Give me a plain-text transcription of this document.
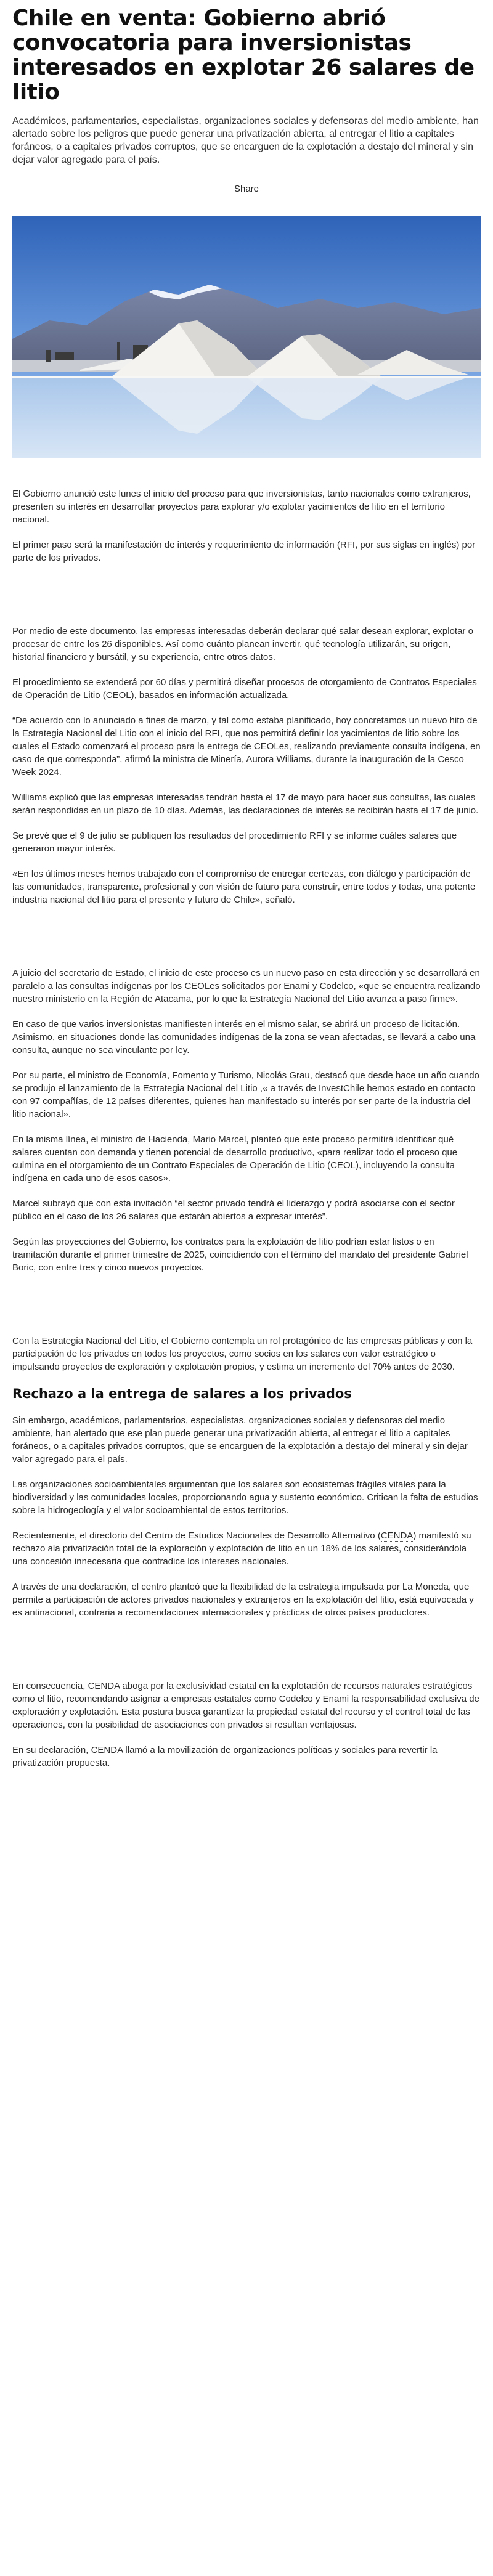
Chile en venta: Gobierno abrió convocatoria para inversionistas interesados en explotar 26 salares de litio

Académicos, parlamentarios, especialistas, organizaciones sociales y defensoras del medio ambiente, han alertado sobre los peligros que puede generar una privatización abierta, al entregar el litio a capitales foráneos, o a capitales privados corruptos, que se encarguen de la explotación a destajo del mineral y sin dejar valor agregado para el país.

Share

El Gobierno anunció este lunes el inicio del proceso para que inversionistas, tanto nacionales como extranjeros, presenten su interés en desarrollar proyectos para explorar y/o explotar yacimientos de litio en el territorio nacional.

El primer paso será la manifestación de interés y requerimiento de información (RFI, por sus siglas en inglés) por parte de los privados.

Por medio de este documento, las empresas interesadas deberán declarar qué salar desean explorar, explotar o procesar de entre los 26 disponibles. Así como cuánto planean invertir, qué tecnología utilizarán, su origen, historial financiero y bursátil, y su experiencia, entre otros datos.

El procedimiento se extenderá por 60 días y permitirá diseñar procesos de otorgamiento de Contratos Especiales de Operación de Litio (CEOL), basados en información actualizada.

“De acuerdo con lo anunciado a fines de marzo, y tal como estaba planificado, hoy concretamos un nuevo hito de la Estrategia Nacional del Litio con el inicio del RFI, que nos permitirá definir los yacimientos de litio sobre los cuales el Estado comenzará el proceso para la entrega de CEOLes, realizando previamente consulta indígena, en caso de que corresponda”, afirmó la ministra de Minería, Aurora Williams, durante la inauguración de la Cesco Week 2024.

Williams explicó que las empresas interesadas tendrán hasta el 17 de mayo para hacer sus consultas, las cuales serán respondidas en un plazo de 10 días. Además, las declaraciones de interés se recibirán hasta el 17 de junio.

Se prevé que el 9 de julio se publiquen los resultados del procedimiento RFI y se informe cuáles salares que generaron mayor interés.

«En los últimos meses hemos trabajado con el compromiso de entregar certezas, con diálogo y participación de las comunidades, transparente, profesional y con visión de futuro para construir, entre todos y todas, una potente industria nacional del litio para el presente y futuro de Chile», señaló.

A juicio del secretario de Estado, el inicio de este proceso es un nuevo paso en esta dirección y se desarrollará en paralelo a las consultas indígenas por los CEOLes solicitados por Enami y Codelco, «que se encuentra realizando nuestro ministerio en la Región de Atacama, por lo que la Estrategia Nacional del Litio avanza a paso firme».

En caso de que varios inversionistas manifiesten interés en el mismo salar, se abrirá un proceso de licitación. Asimismo, en situaciones donde las comunidades indígenas de la zona se vean afectadas, se llevará a cabo una consulta, aunque no sea vinculante por ley.

Por su parte, el ministro de Economía, Fomento y Turismo, Nicolás Grau, destacó que desde hace un año cuando se produjo el lanzamiento de la Estrategia Nacional del Litio ,« a través de InvestChile hemos estado en contacto con 97 compañías, de 12 países diferentes, quienes han manifestado su interés por ser parte de la industria del litio nacional».

En la misma línea, el ministro de Hacienda, Mario Marcel, planteó que este proceso permitirá identificar qué salares cuentan con demanda y tienen potencial de desarrollo productivo, «para realizar todo el proceso que culmina en el otorgamiento de un Contrato Especiales de Operación de Litio (CEOL), incluyendo la consulta indígena en cada uno de esos casos».

Marcel subrayó que con esta invitación “el sector privado tendrá el liderazgo y podrá asociarse con el sector público en el caso de los 26 salares que estarán abiertos a expresar interés”.

Según las proyecciones del Gobierno, los contratos para la explotación de litio podrían estar listos o en tramitación durante el primer trimestre de 2025, coincidiendo con el término del mandato del presidente Gabriel Boric, con entre tres y cinco nuevos proyectos.

Con la Estrategia Nacional del Litio, el Gobierno contempla un rol protagónico de las empresas públicas y con la participación de los privados en todos los proyectos, como socios en los salares con valor estratégico o impulsando proyectos de exploración y explotación propios, y estima un incremento del 70% antes de 2030.

Rechazo a la entrega de salares a los privados

Sin embargo, académicos, parlamentarios, especialistas, organizaciones sociales y defensoras del medio ambiente, han alertado que ese plan puede generar una privatización abierta, al entregar el litio a capitales foráneos, o a capitales privados corruptos, que se encarguen de la explotación a destajo del mineral y sin dejar valor agregado para el país.

Las organizaciones socioambientales argumentan que los salares son ecosistemas frágiles vitales para la biodiversidad y las comunidades locales, proporcionando agua y sustento económico. Critican la falta de estudios sobre la hidrogeología y el valor socioambiental de estos territorios.

Recientemente, el directorio del Centro de Estudios Nacionales de Desarrollo Alternativo (CENDA) manifestó su rechazo ala privatización total de la exploración y explotación de litio en un 18% de los salares, considerándola una concesión innecesaria que contradice los intereses nacionales.

A través de una declaración, el centro planteó que la flexibilidad de la estrategia impulsada por La Moneda, que permite a participación de actores privados nacionales y extranjeros en la explotación del litio, está equivocada y es antinacional, contraria a recomendaciones internacionales y prácticas de otros países productores.

En consecuencia, CENDA aboga por la exclusividad estatal en la explotación de recursos naturales estratégicos como el litio, recomendando asignar a empresas estatales como Codelco y Enami la responsabilidad exclusiva de exploración y explotación. Esta postura busca garantizar la propiedad estatal del recurso y el control total de las operaciones, con la posibilidad de asociaciones con privados si resultan ventajosas.

En su declaración, CENDA llamó a la movilización de organizaciones políticas y sociales para revertir la privatización propuesta.
